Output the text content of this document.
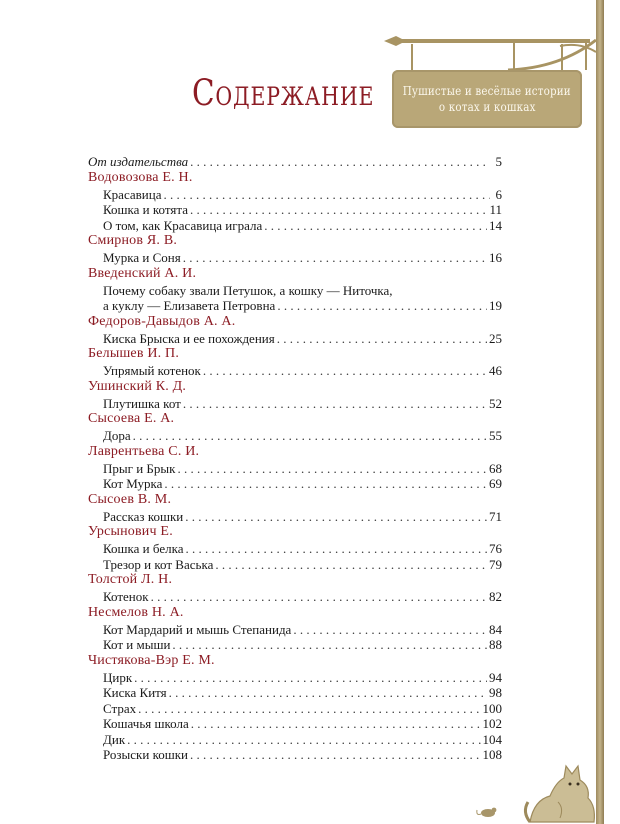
Пушистые и весёлые истории
о котах и кошках
Содержание
От издательства . . .	5
Водовозова Е. Н.
Красавица . . .	6
Кошка и котята . . .	11
О том, как Красавица играла . . .	14
Смирнов Я. В.
Мурка и Соня . . .	16
Введенский А. И.
Почему собаку звали Петушок, а кошку — Ниточка,
а куклу — Елизавета Петровна . . .	19
Федоров-Давыдов А. А.
Киска Брыска и ее похождения . . .	25
Белышев И. П.
Упрямый котенок . . .	46
Ушинский К. Д.
Плутишка кот . . .	52
Сысоева Е. А.
Дора . . .	55
Лаврентьева С. И.
Прыг и Брык . . .	68
Кот Мурка . . .	69
Сысоев В. М.
Рассказ кошки . . .	71
Урсынович Е.
Кошка и белка . . .	76
Трезор и кот Васька . . .	79
Толстой Л. Н.
Котенок . . .	82
Несмелов Н. А.
Кот Мардарий и мышь Степанида . . .	84
Кот и мыши . . .	88
Чистякова-Вэр Е. М.
Цирк . . .	94
Киска Китя . . .	98
Страх . . .	100
Кошачья школа . . .	102
Дик . . .	104
Розыски кошки . . .	108
